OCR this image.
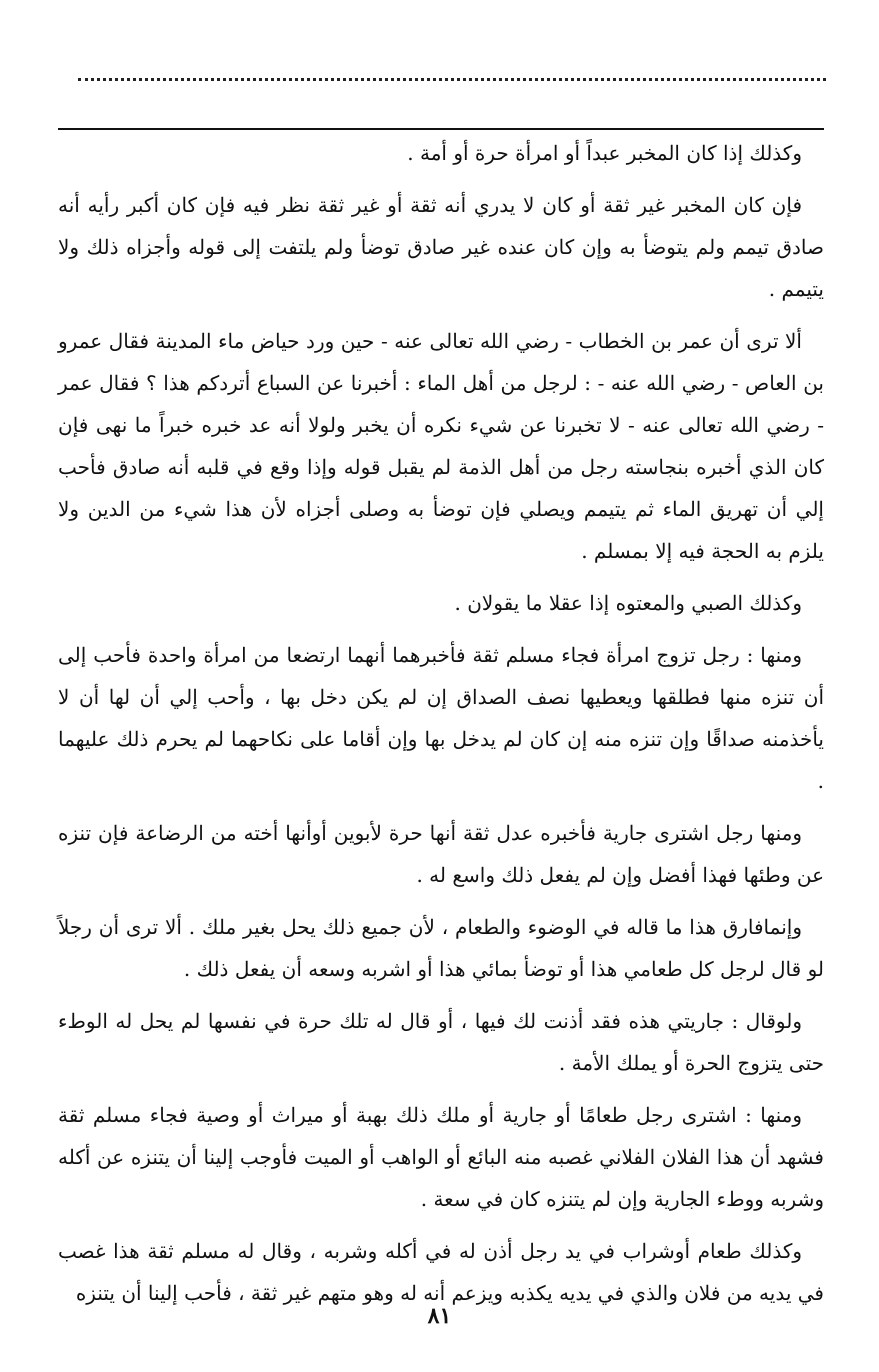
وكذلك إذا كان المخبر عبداً أو امرأة حرة أو أمة .

فإن كان المخبر غير ثقة أو كان لا يدري أنه ثقة أو غير ثقة نظر فيه فإن كان أكبر رأيه أنه صادق تيمم ولم يتوضأ به وإن كان عنده غير صادق توضأ ولم يلتفت إلى قوله وأجزاه ذلك ولا يتيمم .

ألا ترى أن عمر بن الخطاب - رضي الله تعالى عنه - حين ورد حياض ماء المدينة فقال عمرو بن العاص - رضي الله عنه - : لرجل من أهل الماء : أخبرنا عن السباع أتردكم هذا ؟ فقال عمر - رضي الله تعالى عنه - لا تخبرنا عن شيء نكره أن يخبر ولولا أنه عد خبره خبراً ما نهى فإن كان الذي أخبره بنجاسته رجل من أهل الذمة لم يقبل قوله وإذا وقع في قلبه أنه صادق فأحب إلي أن تهريق الماء ثم يتيمم ويصلي فإن توضأ به وصلى أجزاه لأن هذا شيء من الدين ولا يلزم به الحجة فيه إلا بمسلم .

وكذلك الصبي والمعتوه إذا عقلا ما يقولان .

ومنها : رجل تزوج امرأة فجاء مسلم ثقة فأخبرهما أنهما ارتضعا من امرأة واحدة فأحب إلى أن تنزه منها فطلقها ويعطيها نصف الصداق إن لم يكن دخل بها ، وأحب إلي أن لها أن لا يأخذمنه صداقًا وإن تنزه منه إن كان لم يدخل بها وإن أقاما على نكاحهما لم يحرم ذلك عليهما .

ومنها رجل اشترى جارية فأخبره عدل ثقة أنها حرة لأبوين أوأنها أخته من الرضاعة فإن تنزه عن وطئها فهذا أفضل وإن لم يفعل ذلك واسع له .

وإنمافارق هذا ما قاله في الوضوء والطعام ، لأن جميع ذلك يحل بغير ملك . ألا ترى أن رجلاً لو قال لرجل كل طعامي هذا أو توضأ بمائي هذا أو اشربه وسعه أن يفعل ذلك .

ولوقال : جاريتي هذه فقد أذنت لك فيها ، أو قال له تلك حرة في نفسها لم يحل له الوطء حتى يتزوج الحرة أو يملك الأمة .

ومنها : اشترى رجل طعامًا أو جارية أو ملك ذلك بهبة أو ميراث أو وصية فجاء مسلم ثقة فشهد أن هذا الفلان الفلاني غصبه منه البائع أو الواهب أو الميت فأوجب إلينا أن يتنزه عن أكله وشربه ووطء الجارية وإن لم يتنزه كان في سعة .

وكذلك طعام أوشراب في يد رجل أذن له في أكله وشربه ، وقال له مسلم ثقة هذا غصب في يديه من فلان والذي في يديه يكذبه ويزعم أنه له وهو متهم غير ثقة ، فأحب إلينا أن يتنزه

٨١
